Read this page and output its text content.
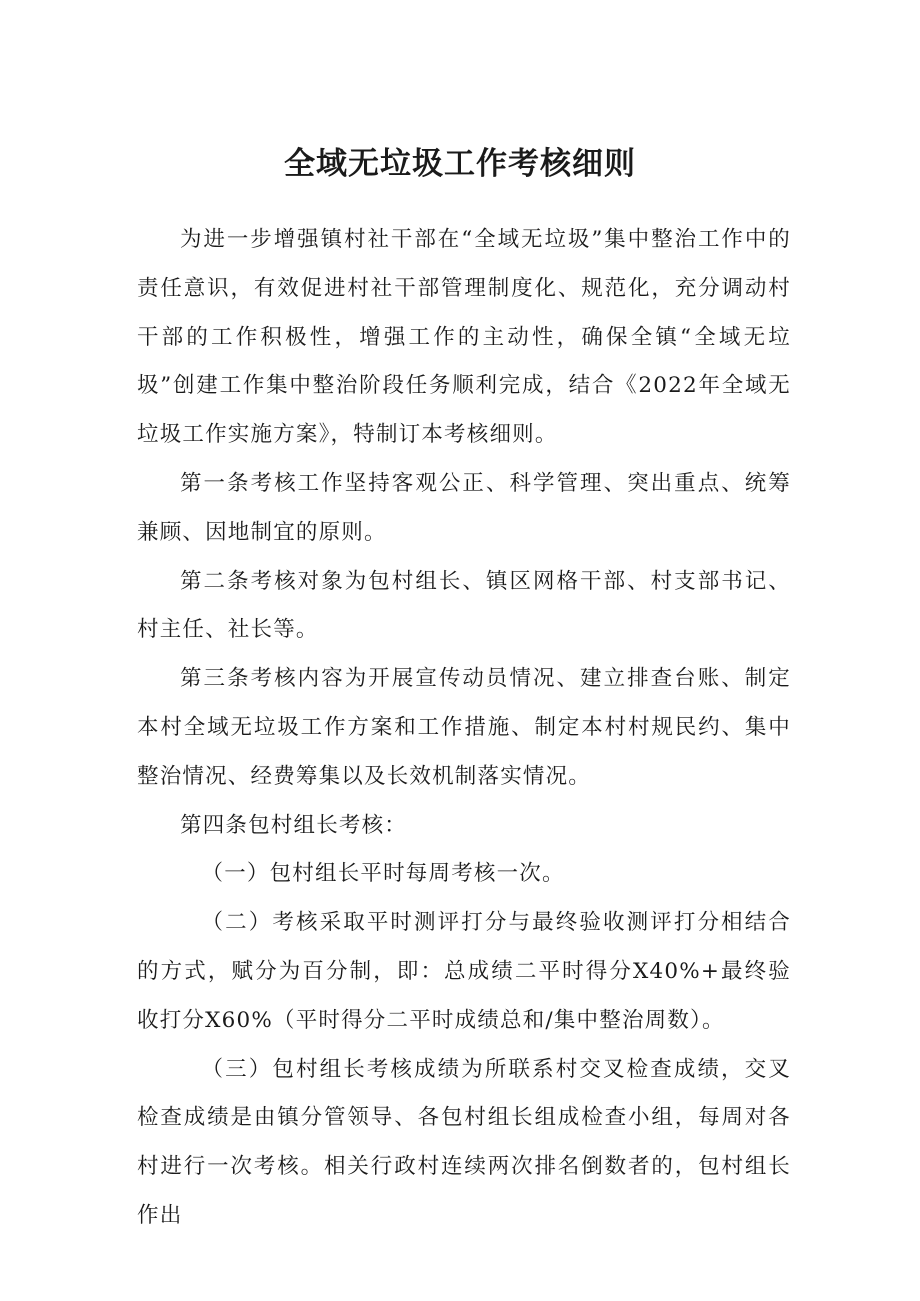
全域无垃圾工作考核细则

为进一步增强镇村社干部在“全域无垃圾”集中整治工作中的责任意识，有效促进村社干部管理制度化、规范化，充分调动村干部的工作积极性，增强工作的主动性，确保全镇“全域无垃圾”创建工作集中整治阶段任务顺利完成，结合《2022年全域无垃圾工作实施方案》，特制订本考核细则。

第一条考核工作坚持客观公正、科学管理、突出重点、统筹兼顾、因地制宜的原则。

第二条考核对象为包村组长、镇区网格干部、村支部书记、村主任、社长等。

第三条考核内容为开展宣传动员情况、建立排查台账、制定本村全域无垃圾工作方案和工作措施、制定本村村规民约、集中整治情况、经费筹集以及长效机制落实情况。

第四条包村组长考核：

（一）包村组长平时每周考核一次。

（二）考核采取平时测评打分与最终验收测评打分相结合的方式，赋分为百分制，即：总成绩二平时得分X40%+最终验收打分X60%（平时得分二平时成绩总和/集中整治周数）。

（三）包村组长考核成绩为所联系村交叉检查成绩，交叉检查成绩是由镇分管领导、各包村组长组成检查小组，每周对各村进行一次考核。相关行政村连续两次排名倒数者的，包村组长作出
